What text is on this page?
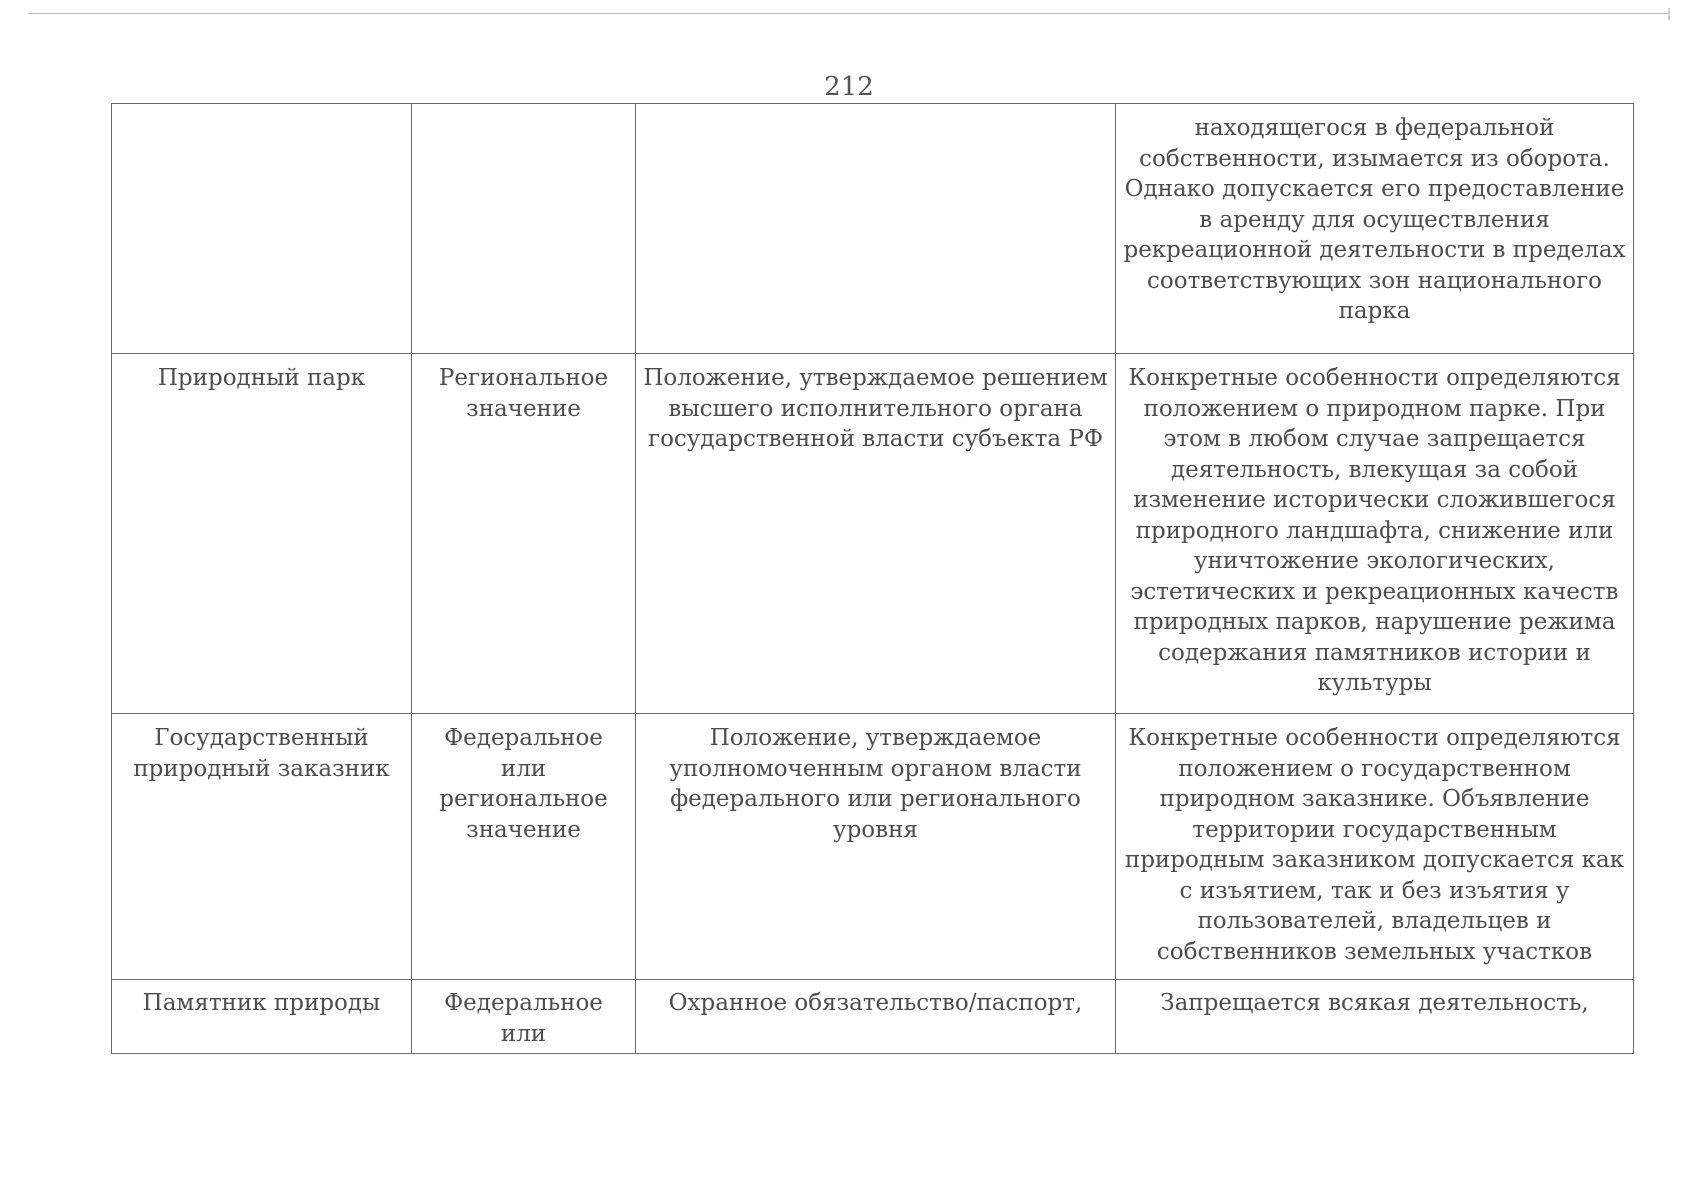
212

			находящегося в федеральной собственности, изымается из оборота. Однако допускается его предоставление в аренду для осуществления рекреационной деятельности в пределах соответствующих зон национального парка

Природный парк	Региональное значение	Положение, утверждаемое решением высшего исполнительного органа государственной власти субъекта РФ	Конкретные особенности определяются положением о природном парке. При этом в любом случае запрещается деятельность, влекущая за собой изменение исторически сложившегося природного ландшафта, снижение или уничтожение экологических, эстетических и рекреационных качеств природных парков, нарушение режима содержания памятников истории и культуры

Государственный природный заказник	Федеральное или региональное значение	Положение, утверждаемое уполномоченным органом власти федерального или регионального уровня	Конкретные особенности определяются положением о государственном природном заказнике. Объявление территории государственным природным заказником допускается как с изъятием, так и без изъятия у пользователей, владельцев и собственников земельных участков

Памятник природы	Федеральное или	Охранное обязательство/паспорт,	Запрещается всякая деятельность,
